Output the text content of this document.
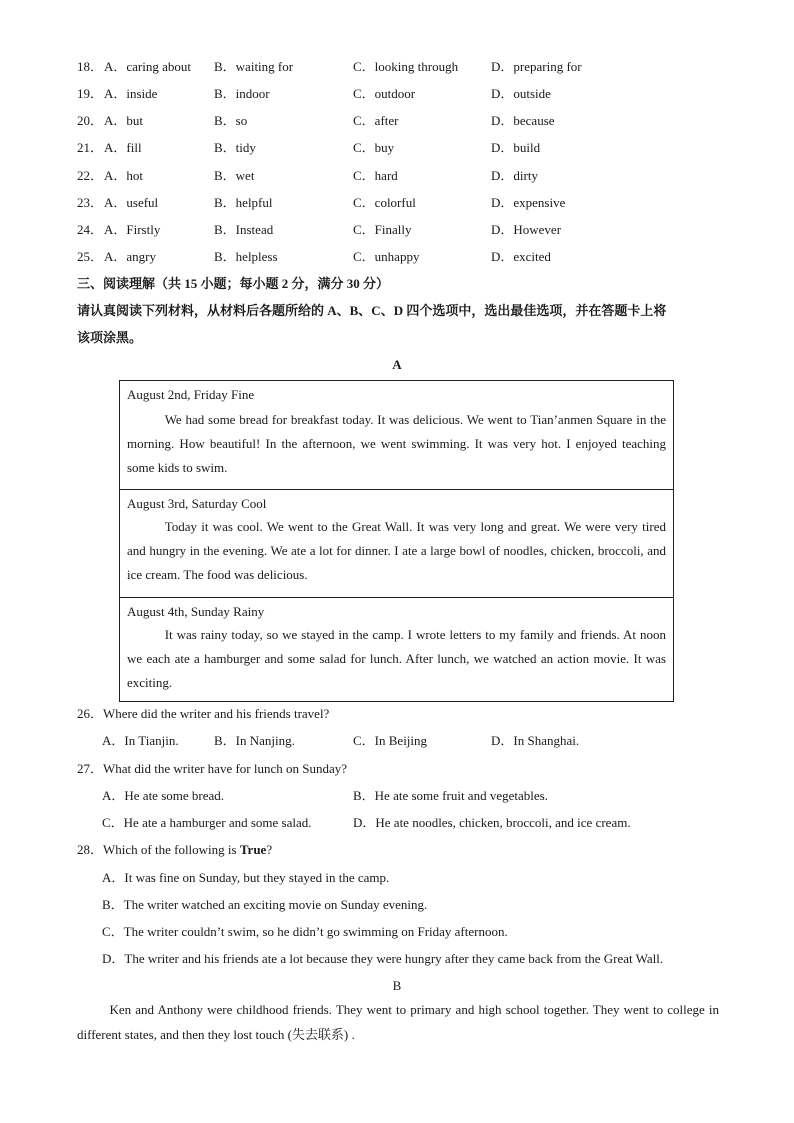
18． A．caring about B．waiting for	C．looking through	D．preparing for
19． A．inside	B．indoor	C．outdoor	D．outside
20． A．but	B．so	C．after	D．because
21． A．fill	B．tidy	C．buy	D．build
22． A．hot	B．wet	C．hard	D．dirty
23． A．useful	B．helpful	C．colorful	D．expensive
24． A．Firstly	B．Instead	C．Finally	D．However
25． A．angry	B．helpless	C．unhappy	D．excited
三、阅读理解（共 15 小题；每小题 2 分，满分 30 分）
请认真阅读下列材料，从材料后各题所给的 A、B、C、D 四个选项中，选出最佳选项，并在答题卡上将
该项涂黑。
A
August 2nd, Friday Fine

We had some bread for breakfast today. It was delicious. We went to Tian’anmen Square in the morning. How beautiful! In the afternoon, we went swimming. It was very hot. I enjoyed teaching some kids to swim.

August 3rd, Saturday Cool

Today it was cool. We went to the Great Wall. It was very long and great. We were very tired and hungry in the evening. We ate a lot for dinner. I ate a large bowl of noodles, chicken, broccoli, and ice cream. The food was delicious.

August 4th, Sunday Rainy

It was rainy today, so we stayed in the camp. I wrote letters to my family and friends. At noon we each ate a hamburger and some salad for lunch. After lunch, we watched an action movie. It was exciting.

26．Where did the writer and his friends travel?
A．In Tianjin.	B．In Nanjing.	C．In Beijing	D．In Shanghai.
27．What did the writer have for lunch on Sunday?
A．He ate some bread.	B．He ate some fruit and vegetables.
C．He ate a hamburger and some salad.	D．He ate noodles, chicken, broccoli, and ice cream.
28．Which of the following is True?
A．It was fine on Sunday, but they stayed in the camp.
B．The writer watched an exciting movie on Sunday evening.
C．The writer couldn’t swim, so he didn’t go swimming on Friday afternoon.
D．The writer and his friends ate a lot because they were hungry after they came back from the Great Wall.
B

Ken and Anthony were childhood friends. They went to primary and high school together. They went to college in different states, and then they lost touch (失去联系) .
